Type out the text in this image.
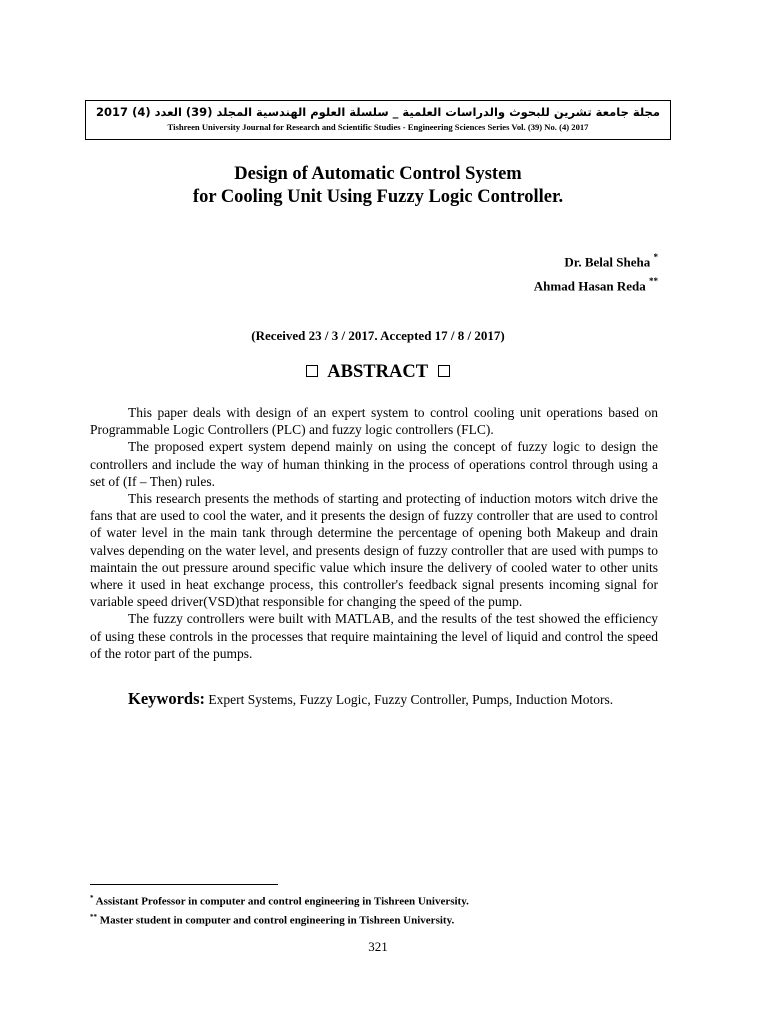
مجلة جامعة تشرين للبحوث والدراسات العلمية _ سلسلة العلوم الهندسية المجلد (39) العدد (4) 2017
Tishreen University Journal for Research and Scientific Studies - Engineering Sciences Series Vol. (39) No. (4) 2017
Design of Automatic Control System
for Cooling Unit Using Fuzzy Logic Controller.
Dr. Belal Sheha *
Ahmad Hasan Reda **
(Received 23 / 3 / 2017. Accepted 17 / 8 / 2017)
ABSTRACT

This paper deals with design of an expert system to control cooling unit operations based on Programmable Logic Controllers (PLC) and fuzzy logic controllers (FLC).

The proposed expert system depend mainly on using the concept of fuzzy logic to design the controllers and include the way of human thinking in the process of operations control through using a set of (If – Then) rules.

This research presents the methods of starting and protecting of induction motors witch drive the fans that are used to cool the water, and it presents the design of fuzzy controller that are used to control of water level in the main tank through determine the percentage of opening both Makeup and drain valves depending on the water level, and presents design of fuzzy controller that are used with pumps to maintain the out pressure around specific value which insure the delivery of cooled water to other units where it used in heat exchange process, this controller's feedback signal presents incoming signal for variable speed driver(VSD)that responsible for changing the speed of the pump.

The fuzzy controllers were built with MATLAB, and the results of the test showed the efficiency of using these controls in the processes that require maintaining the level of liquid and control the speed of the rotor part of the pumps.

Keywords: Expert Systems, Fuzzy Logic, Fuzzy Controller, Pumps, Induction Motors.
* Assistant Professor in computer and control engineering in Tishreen University.
** Master student in computer and control engineering in Tishreen University.
321
